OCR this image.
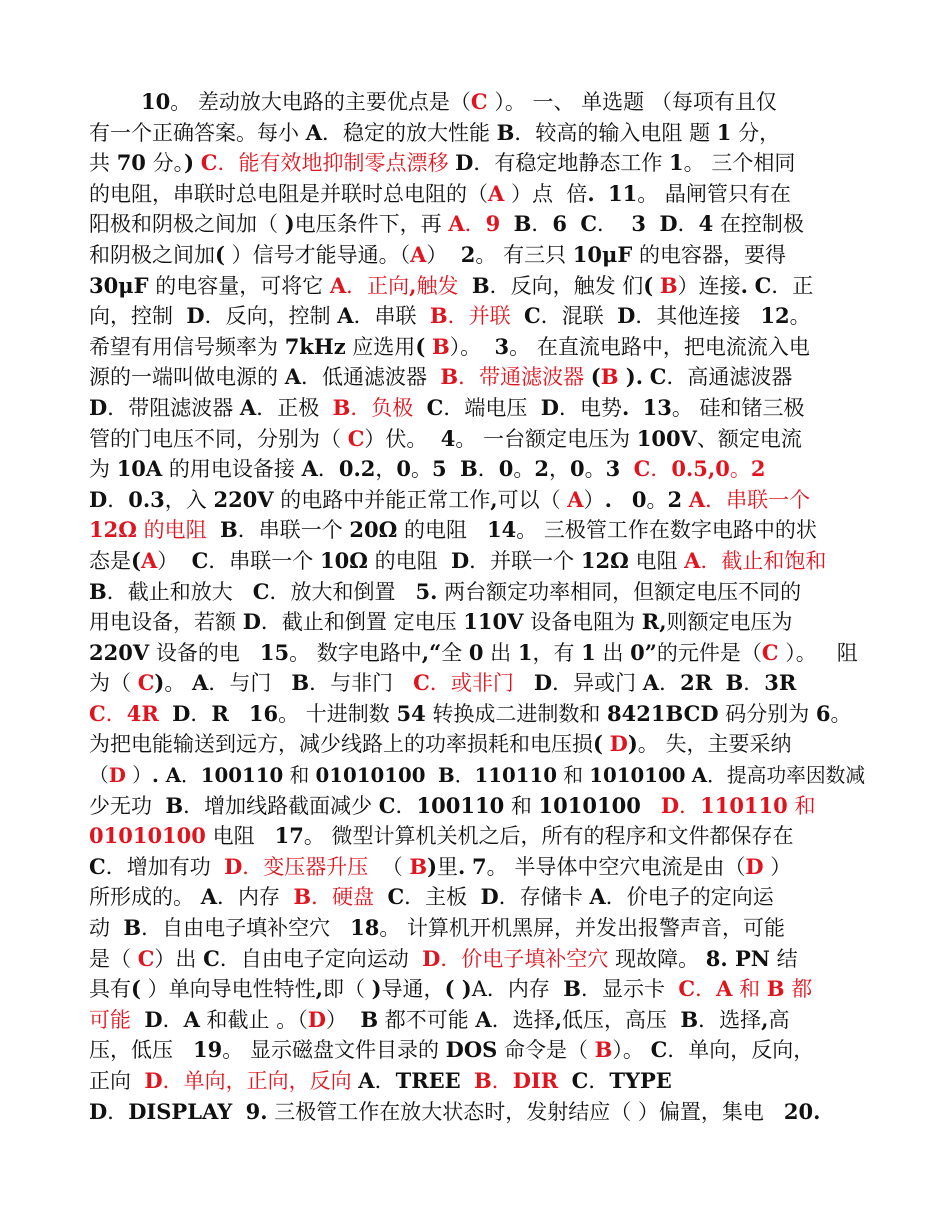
10。 差动放大电路的主要优点是（C ）。 一、 单选题 （每项有且仅
有一个正确答案。每小 A．稳定的放大性能 B．较高的输入电阻 题 1 分，
共 70 分。) C．能有效地抑制零点漂移 D．有稳定地静态工作 1。 三个相同
的电阻，串联时总电阻是并联时总电阻的（A ）点  倍. 11。 晶闸管只有在
阳极和阴极之间加（ )电压条件下，再 A．9 B．6 C．  3 D．4 在控制极
和阴极之间加( ）信号才能导通。（A）  2。 有三只 10μF 的电容器，要得
30μF 的电容量，可将它 A．正向,触发  B．反向，触发 们( B）连接. C．正
向，控制  D．反向，控制 A．串联  B．并联  C．混联  D．其他连接   12。
希望有用信号频率为 7kHz 应选用( B）。  3。 在直流电路中，把电流流入电
源的一端叫做电源的 A．低通滤波器  B．带通滤波器 (B ). C．高通滤波器
D．带阻滤波器 A．正极  B．负极  C．端电压  D．电势. 13。 硅和锗三极
管的门电压不同，分别为（ C）伏。  4。 一台额定电压为 100V、额定电流
为 10A 的用电设备接 A．0.2，0。5 B．0。2，0。3 C．0.5,0。2
D．0.3，入 220V 的电路中并能正常工作,可以（ A）. 0。2 A．串联一个
12Ω 的电阻  B．串联一个 20Ω 的电阻   14。 三极管工作在数字电路中的状
态是(A）  C．串联一个 10Ω 的电阻  D．并联一个 12Ω 电阻 A．截止和饱和
B．截止和放大   C．放大和倒置   5. 两台额定功率相同，但额定电压不同的
用电设备，若额 D．截止和倒置 定电压 110V 设备电阻为 R,则额定电压为
220V 设备的电   15。 数字电路中,“全 0 出 1，有 1 出 0”的元件是（C ）。   阻
为（ C)。 A．与门   B．与非门   C．或非门   D．异或门 A．2R B．3R
C．4R D．R 16。 十进制数 54 转换成二进制数和 8421BCD 码分别为 6。
为把电能输送到远方，减少线路上的功率损耗和电压损( D)。 失，主要采纳
（D ）. A．100110 和 01010100 B．110110 和 1010100 A．提高功率因数减
少无功  B．增加线路截面减少 C．100110 和 1010100 D．110110 和
01010100 电阻   17。 微型计算机关机之后，所有的程序和文件都保存在
C．增加有功  D．变压器升压  （ B)里. 7。 半导体中空穴电流是由（D ）
所形成的。 A．内存  B．硬盘  C．主板  D．存储卡 A．价电子的定向运
动  B．自由电子填补空穴   18。 计算机开机黑屏，并发出报警声音，可能
是（ C）出 C．自由电子定向运动  D．价电子填补空穴 现故障。 8. PN 结
具有( ）单向导电性特性,即（ )导通，( )A．内存  B．显示卡  C．A 和 B 都
可能 D．A 和截止 。（D）  B 都不可能 A．选择,低压，高压  B．选择,高
压，低压   19。 显示磁盘文件目录的 DOS 命令是（ B）。 C．单向，反向，
正向  D．单向，正向，反向 A．TREE B．DIR C．TYPE
D．DISPLAY 9. 三极管工作在放大状态时，发射结应（ ）偏置，集电   20.
